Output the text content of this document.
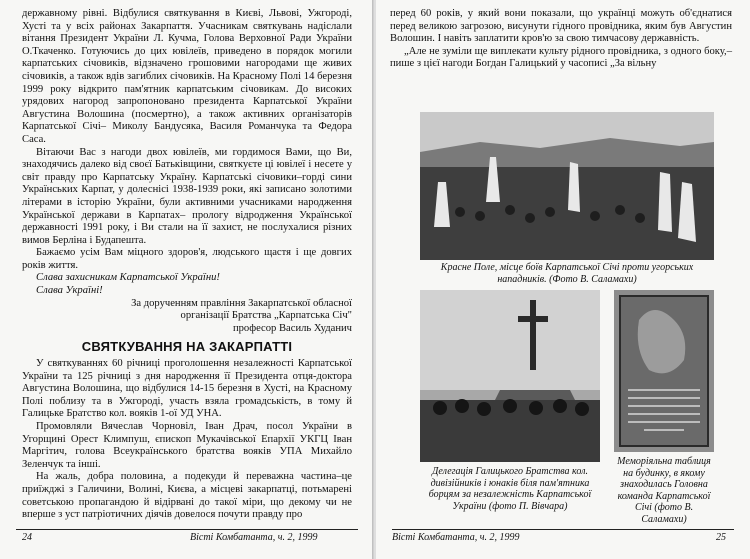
державному рівні. Відбулися святкування в Києві, Львові, Ужгороді, Хусті та у всіх районах Закарпаття. Учасникам святкувань надіслали вітання Президент України Л. Кучма, Голова Верховної Ради України О.Ткаченко. Готуючись до цих ювілеїв, приведено в порядок могили карпатських січовиків, відзначено грошовими нагородами ще живих січовиків, а також вдів загиблих січовиків. На Красному Полі 14 березня 1999 року відкрито пам'ятник карпатським січовикам. До високих урядових нагород запропоновано президента Карпатської України Августина Волошина (посмертно), а також активних організаторів Карпатської Січі– Миколу Бандусяка, Василя Романчука та Федора Саса.

Вітаючи Вас з нагоди двох ювілеїв, ми гордимося Вами, що Ви, знаходячись далеко від своєї Батьківщини, святкуєте ці ювілеї і несете у світ правду про Карпатську Україну. Карпатські січовики–горді сини Українських Карпат, у долеснісі 1938-1939 роки, які записано золотими літерами в історію України, були активними учасниками народження Української держави в Карпатах– прологу відродження Української державності 1991 року, і Ви стали на її захист, не послухалися різних вимов Берліна і Будапешта.

Бажаємо усім Вам міцного здоров'я, людського щастя і ще довгих років життя.

Слава захисникам Карпатської України!

Слава Україні!

За дорученням правління Закарпатської обласної

організації Братства „Карпатська Січ"

професор Василь Худанич

СВЯТКУВАННЯ НА ЗАКАРПАТТІ

У святкуваннях 60 річниці проголошення незалежності Карпатської України та 125 річниці з дня народження її Президента отця-доктора Августина Волошина, що відбулися 14-15 березня в Хусті, на Красному Полі поблизу та в Ужгороді, участь взяла громадськість, в тому й Галицьке Братство кол. вояків 1-ої УД УНА.

Промовляли Вячеслав Чорновіл, Іван Драч, посол України в Угорщині Орест Климпуш, єпископ Мукачівської Епархії УКГЦ Іван Маргітич, голова Всеукраїнського братства вояків УПА Михайло Зеленчук та інші.

На жаль, добра половина, а подекуди й переважна частина–це приїжджі з Галичини, Волині, Києва, а місцеві закарпатці, потьмарені советською пропагандою й відірвані до такої міри, що декому чи не вперше з уст патріотичних діячів довелося почути правду про

24	Вісті Комбатанта, ч. 2, 1999

перед 60 років, у який вони показали, що українці можуть об'єднатися перед великою загрозою, висунути гідного провідника, яким був Августин Волошин. І навіть заплатити кров'ю за свою тимчасову державність.

„Але не зуміли ще виплекати культу рідного провідника, з одного боку,–пише з цієї нагоди Богдан Галицький у часописі „За вільну

Красне Поле, місце боїв Карпатської Січі проти угорських нападників. (Фото В. Саламахи)
Делегація Галицького Братства кол. дивізійників і юнаків біля пам'ятника борцям за незалежність Карпатської України (фото П. Вівчара)
Меморіяльна таблиця на будинку, в якому знаходилась Головна команда Карпатської Січі (фото В. Саламахи)
Вісті Комбатанта, ч. 2, 1999	25
